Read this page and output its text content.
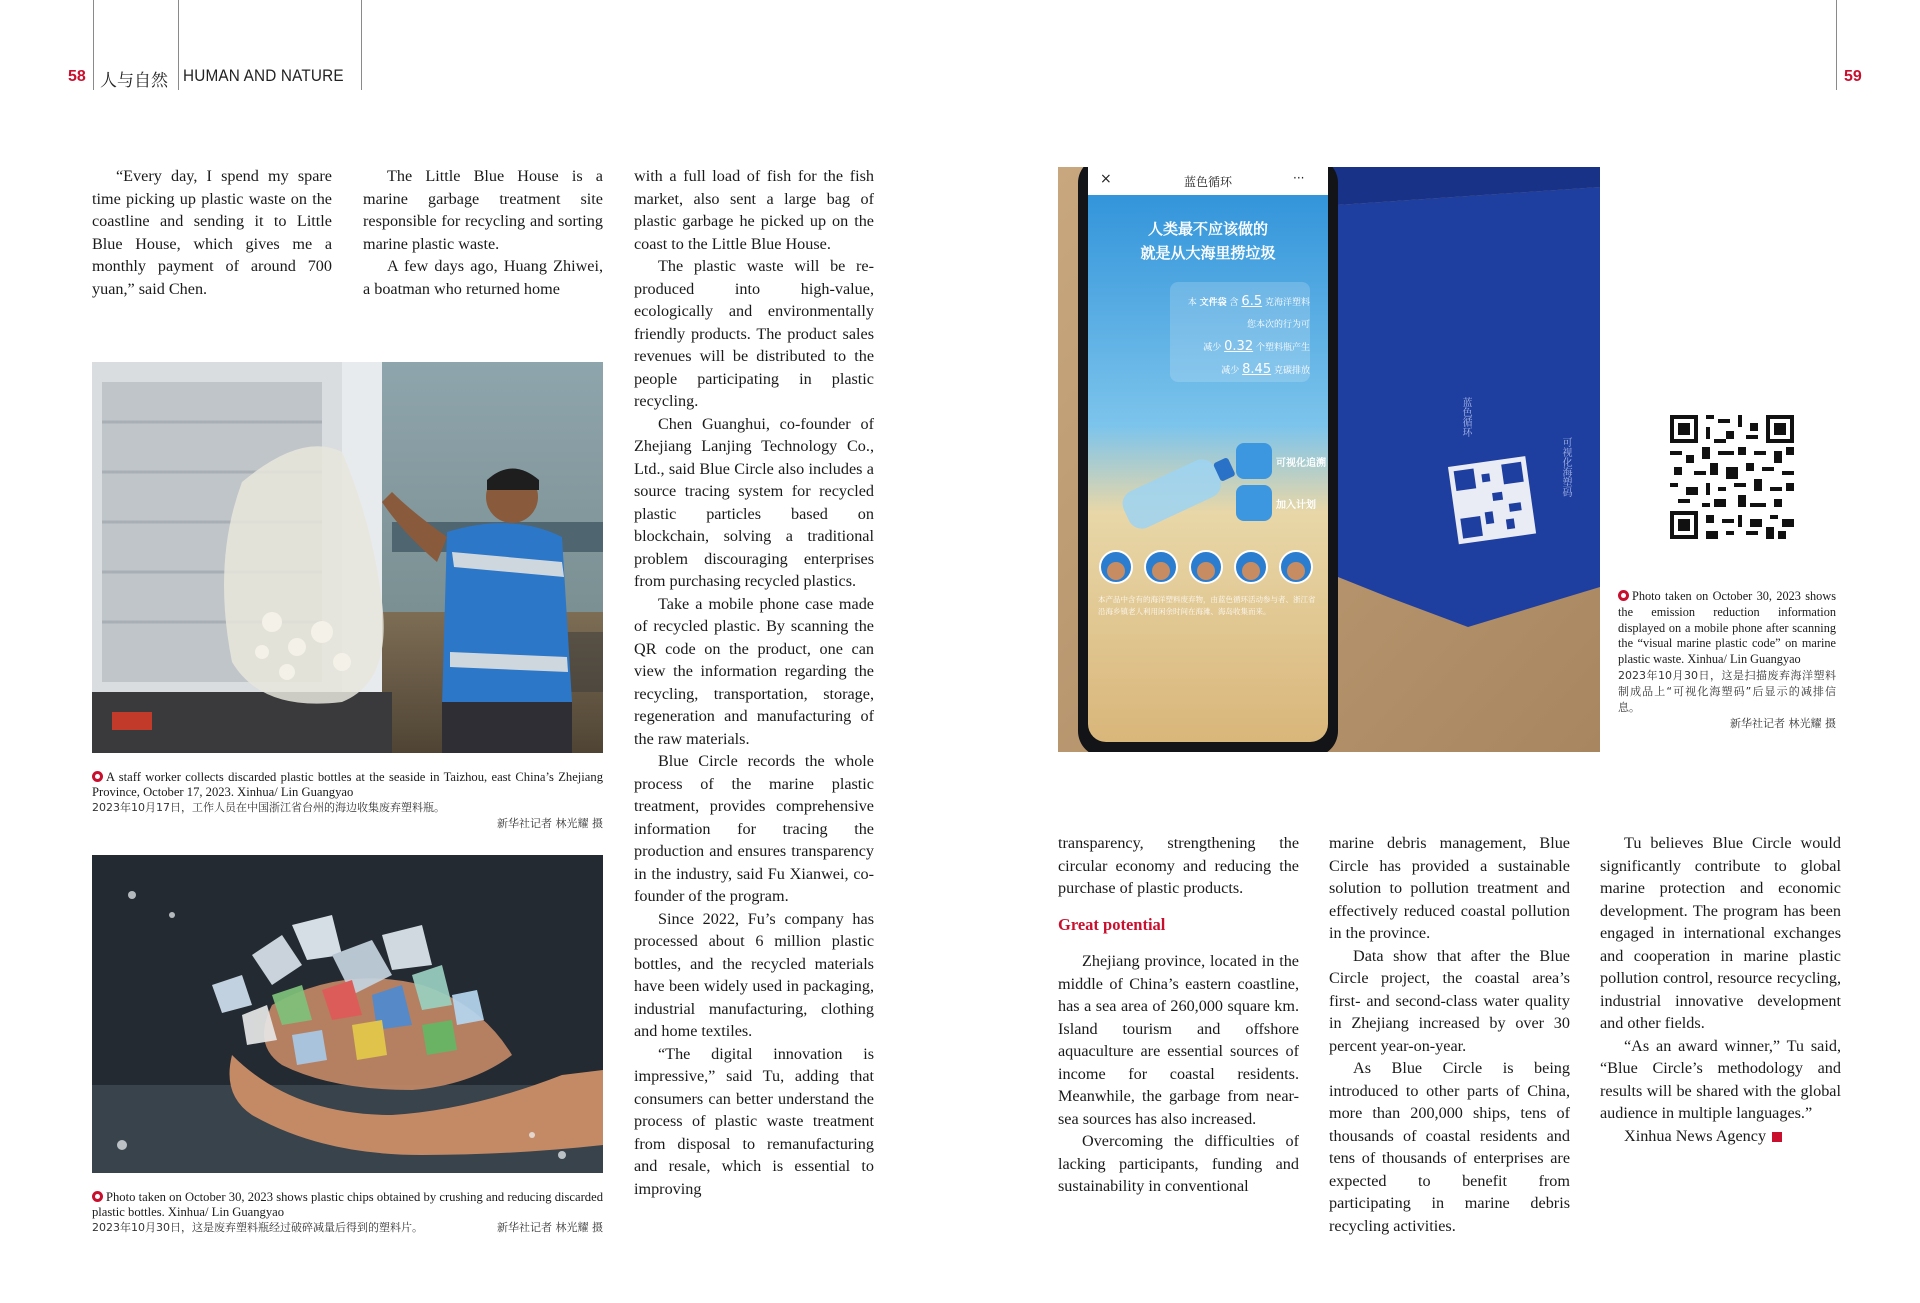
58 人与自然 HUMAN AND NATURE	59

“Every day, I spend my spare time picking up plastic waste on the coastline and sending it to Little Blue House, which gives me a monthly payment of around 700 yuan,” said Chen.

The Little Blue House is a marine garbage treatment site responsible for recycling and sorting marine plastic waste.

A few days ago, Huang Zhiwei, a boatman who returned home

A staff worker collects discarded plastic bottles at the seaside in Taizhou, east China’s Zhejiang Province, October 17, 2023. Xinhua/ Lin Guangyao
2023年10月17日，工作人员在中国浙江省台州的海边收集废弃塑料瓶。
新华社记者 林光耀 摄
Photo taken on October 30, 2023 shows plastic chips obtained by crushing and reducing discarded plastic bottles. Xinhua/ Lin Guangyao
2023年10月30日，这是废弃塑料瓶经过破碎减量后得到的塑料片。	新华社记者 林光耀 摄

with a full load of fish for the fish market, also sent a large bag of plastic garbage he picked up on the coast to the Little Blue House.

The plastic waste will be re-produced into high-value, ecologically and environmentally friendly products. The product sales revenues will be distributed to the people participating in plastic recycling.

Chen Guanghui, co-founder of Zhejiang Lanjing Technology Co., Ltd., said Blue Circle also includes a source tracing system for recycled plastic particles based on blockchain, solving a traditional problem discouraging enterprises from purchasing recycled plastics.

Take a mobile phone case made of recycled plastic. By scanning the QR code on the product, one can view the information regarding the recycling, transportation, storage, regeneration and manufacturing of the raw materials.

Blue Circle records the whole process of the marine plastic treatment, provides comprehensive information for tracing the production and ensures transparency in the industry, said Fu Xianwei, co-founder of the program.

Since 2022, Fu’s company has processed about 6 million plastic bottles, and the recycled materials have been widely used in packaging, industrial manufacturing, clothing and home textiles.

“The digital innovation is impressive,” said Tu, adding that consumers can better understand the process of plastic waste treatment from disposal to remanufacturing and resale, which is essential to improving

×	蓝色循环	···
人类最不应该做的
就是从大海里捞垃圾
本 文件袋 含 6.5 克海洋塑料
您本次的行为可
减少 0.32 个塑料瓶产生
减少 8.45 克碳排放
可视化追溯
加入计划
本产品中含有的海洋塑料废弃物，由蓝色循环活动参与者、浙江省沿海乡镇老人利用闲余时间在海滩、海岛收集而来。
蓝色循环
可视化海塑码
Photo taken on October 30, 2023 shows the emission reduction information displayed on a mobile phone after scanning the “visual marine plastic code” on marine plastic waste. Xinhua/ Lin Guangyao
2023年10月30日，这是扫描废弃海洋塑料制成品上“可视化海塑码”后显示的减排信息。
新华社记者 林光耀 摄

transparency, strengthening the circular economy and reducing the purchase of plastic products.

Great potential

Zhejiang province, located in the middle of China’s eastern coastline, has a sea area of 260,000 square km. Island tourism and offshore aquaculture are essential sources of income for coastal residents. Meanwhile, the garbage from near-sea sources has also increased.

Overcoming the difficulties of lacking participants, funding and sustainability in conventional

marine debris management, Blue Circle has provided a sustainable solution to pollution treatment and effectively reduced coastal pollution in the province.

Data show that after the Blue Circle project, the coastal area’s first- and second-class water quality in Zhejiang increased by over 30 percent year-on-year.

As Blue Circle is being introduced to other parts of China, more than 200,000 ships, tens of thousands of coastal residents and tens of thousands of enterprises are expected to benefit from participating in marine debris recycling activities.

Tu believes Blue Circle would significantly contribute to global marine protection and economic development. The program has been engaged in international exchanges and cooperation in marine plastic pollution control, resource recycling, industrial innovative development and other fields.

“As an award winner,” Tu said, “Blue Circle’s methodology and results will be shared with the global audience in multiple languages.”

Xinhua News Agency
